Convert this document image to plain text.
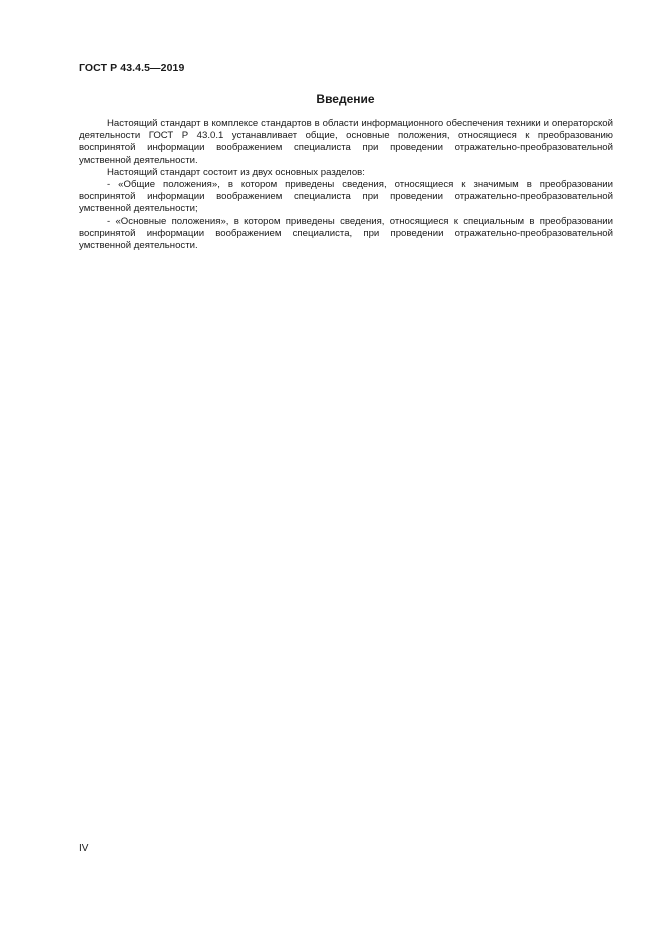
ГОСТ Р 43.4.5—2019
Введение

Настоящий стандарт в комплексе стандартов в области информационного обеспечения техники и операторской деятельности ГОСТ Р 43.0.1 устанавливает общие, основные положения, относящиеся к преобразованию воспринятой информации воображением специалиста при проведении отражательно-преобразовательной умственной деятельности.

Настоящий стандарт состоит из двух основных разделов:

- «Общие положения», в котором приведены сведения, относящиеся к значимым в преобразовании воспринятой информации воображением специалиста при проведении отражательно-преобразовательной умственной деятельности;

- «Основные положения», в котором приведены сведения, относящиеся к специальным в преобразовании воспринятой информации воображением специалиста, при проведении отражательно-преобразовательной умственной деятельности.

IV
